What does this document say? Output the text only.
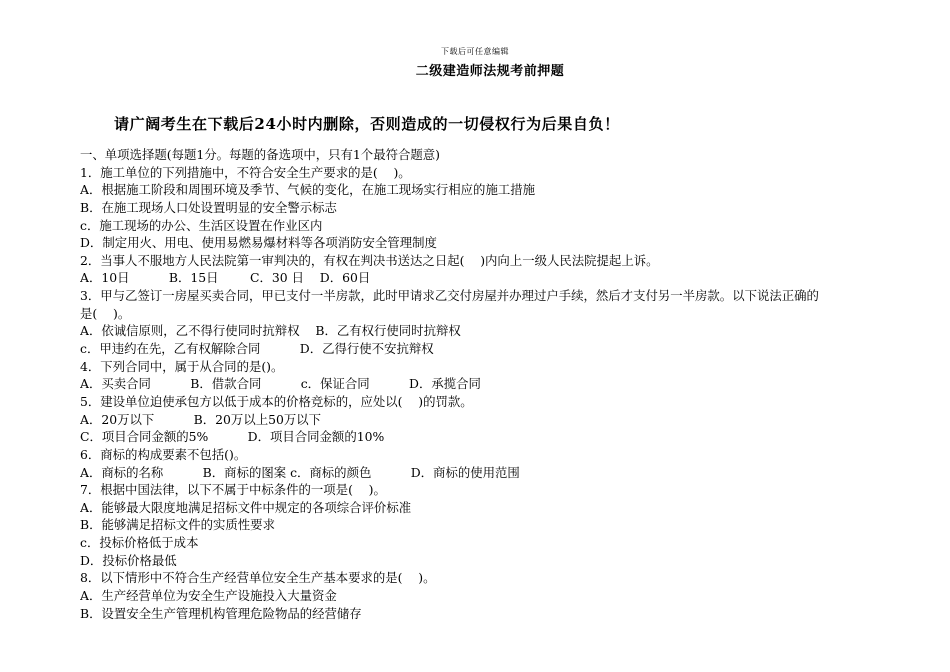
下载后可任意编辑
二级建造师法规考前押题
请广阔考生在下载后24小时内删除，否则造成的一切侵权行为后果自负！
一、单项选择题(每题1分。每题的备选项中，只有1个最符合题意)
1．施工单位的下列措施中，不符合安全生产要求的是(    )。
A．根据施工阶段和周围环境及季节、气候的变化，在施工现场实行相应的施工措施
B．在施工现场人口处设置明显的安全警示标志
c．施工现场的办公、生活区设置在作业区内
D．制定用火、用电、使用易燃易爆材料等各项消防安全管理制度
2．当事人不服地方人民法院第一审判决的，有权在判决书送达之日起(    )内向上一级人民法院提起上诉。
A．10日          B．15日        C．30 日    D．60日
3．甲与乙签订一房屋买卖合同，甲已支付一半房款，此时甲请求乙交付房屋并办理过户手续，然后才支付另一半房款。以下说法正确的
是(    )。
A．依诚信原则，乙不得行使同时抗辩权    B．乙有权行使同时抗辩权
c．甲违约在先，乙有权解除合同          D．乙得行使不安抗辩权
4．下列合同中，属于从合同的是()。
A．买卖合同          B．借款合同          c．保证合同          D．承揽合同
5．建设单位迫使承包方以低于成本的价格竞标的，应处以(    )的罚款。
A．20万以下          B．20万以上50万以下
C．项目合同金额的5%          D．项目合同金额的10%
6．商标的构成要素不包括()。
A．商标的名称          B．商标的图案 c．商标的颜色          D．商标的使用范围
7．根据中国法律，以下不属于中标条件的一项是(    )。
A．能够最大限度地满足招标文件中规定的各项综合评价标准
B．能够满足招标文件的实质性要求
c．投标价格低于成本
D．投标价格最低
8．以下情形中不符合生产经营单位安全生产基本要求的是(    )。
A．生产经营单位为安全生产设施投入大量资金
B．设置安全生产管理机构管理危险物品的经营储存
